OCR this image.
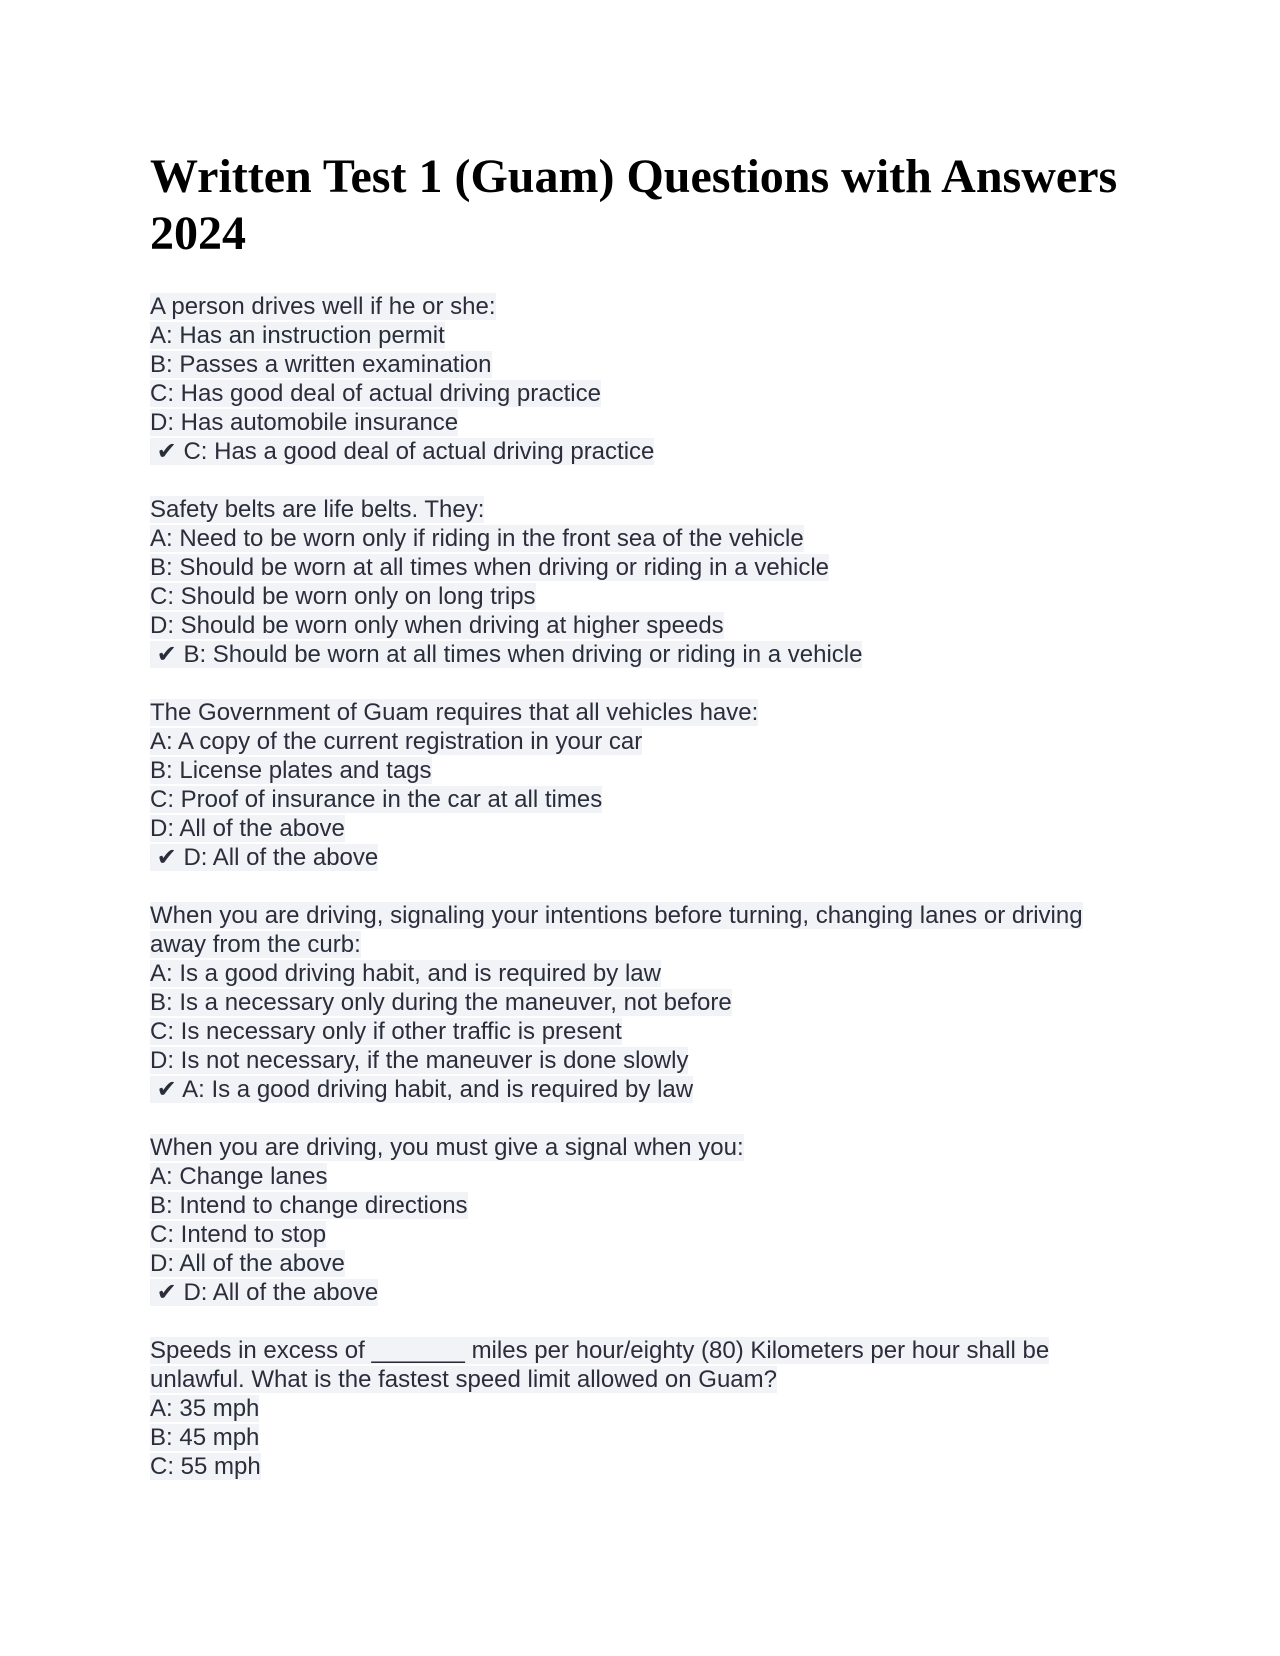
Written Test 1 (Guam) Questions with Answers 2024
A person drives well if he or she:
A: Has an instruction permit
B: Passes a written examination
C: Has good deal of actual driving practice
D: Has automobile insurance
✔ C: Has a good deal of actual driving practice
Safety belts are life belts. They:
A: Need to be worn only if riding in the front sea of the vehicle
B: Should be worn at all times when driving or riding in a vehicle
C: Should be worn only on long trips
D: Should be worn only when driving at higher speeds
✔ B: Should be worn at all times when driving or riding in a vehicle
The Government of Guam requires that all vehicles have:
A: A copy of the current registration in your car
B: License plates and tags
C: Proof of insurance in the car at all times
D: All of the above
✔ D: All of the above
When you are driving, signaling your intentions before turning, changing lanes or driving
away from the curb:
A: Is a good driving habit, and is required by law
B: Is a necessary only during the maneuver, not before
C: Is necessary only if other traffic is present
D: Is not necessary, if the maneuver is done slowly
✔ A: Is a good driving habit, and is required by law
When you are driving, you must give a signal when you:
A: Change lanes
B: Intend to change directions
C: Intend to stop
D: All of the above
✔ D: All of the above
Speeds in excess of _______ miles per hour/eighty (80) Kilometers per hour shall be
unlawful. What is the fastest speed limit allowed on Guam?
A: 35 mph
B: 45 mph
C: 55 mph
